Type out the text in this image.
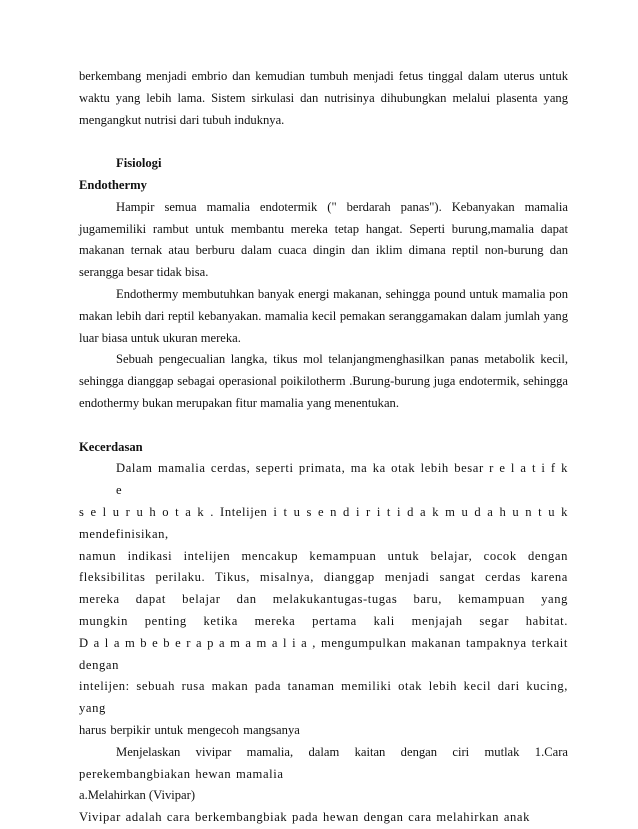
berkembang menjadi embrio dan kemudian tumbuh menjadi fetus tinggal dalam uterus untuk
waktu yang lebih lama. Sistem sirkulasi dan nutrisinya dihubungkan melalui plasenta yang
mengangkut nutrisi dari tubuh induknya.
Fisiologi
Endothermy
Hampir semua mamalia endotermik (" berdarah panas"). Kebanyakan mamalia
jugamemiliki rambut untuk membantu mereka tetap hangat. Seperti burung,mamalia dapat
makanan ternak atau berburu dalam cuaca dingin dan iklim dimana reptil non-burung dan
serangga besar tidak bisa.
Endothermy membutuhkan banyak energi makanan, sehingga pound untuk mamalia pon
makan lebih dari reptil kebanyakan. mamalia kecil pemakan seranggamakan dalam jumlah yang
luar biasa untuk ukuran mereka.
Sebuah pengecualian langka, tikus mol telanjangmenghasilkan panas metabolik kecil,
sehingga dianggap sebagai operasional poikilotherm .Burung-burung juga endotermik, sehingga
endothermy bukan merupakan fitur mamalia yang menentukan.
Kecerdasan
Dalam mamalia cerdas, seperti primata, ma ka otak lebih besar r e l a t i f k e
s e l u r u h o t a k . Intelijen i t u s e n d i r i t i d a k m u d a h u n t u k mendefinisikan,
namun indikasi intelijen mencakup kemampuan untuk belajar, cocok dengan
fleksibilitas perilaku. Tikus, misalnya, dianggap menjadi sangat cerdas karena
mereka dapat belajar dan melakukantugas-tugas baru, kemampuan yang
mungkin penting ketika mereka pertama kali menjajah segar habitat.
D a l a m b e b e r a p a m a m a l i a , mengumpulkan makanan tampaknya terkait dengan
intelijen: sebuah rusa makan pada tanaman memiliki otak lebih kecil dari kucing, yang
harus berpikir untuk mengecoh mangsanya
Menjelaskan vivipar mamalia, dalam kaitan dengan ciri mutlak 1.Cara
perekembangbiakan hewan mamalia
a.Melahirkan (Vivipar)
Vivipar adalah cara berkembangbiak pada hewan dengan cara melahirkan anak
